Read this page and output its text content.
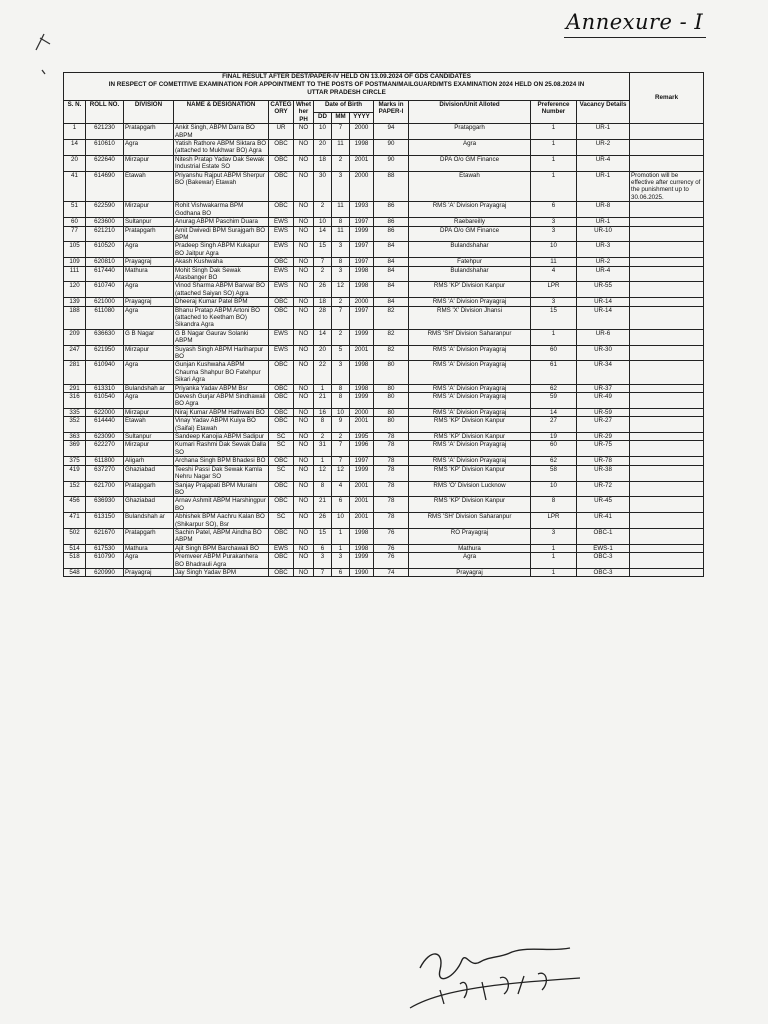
Annexure - I
FINAL RESULT AFTER DEST/PAPER-IV HELD ON 13.09.2024 OF GDS CANDIDATES
IN RESPECT OF COMETITIVE EXAMINATION FOR APPOINTMENT TO THE POSTS OF POSTMAN/MAILGUARD/MTS EXAMINATION 2024 HELD ON 25.08.2024 IN
UTTAR PRADESH CIRCLE													Remark
S. N.	ROLL NO.	DIVISION	NAME & DESIGNATION	CATEG ORY	Whet her PH	Date of Birth			Marks in PAPER-I	Division/Unit Alloted	Preference Number	Vacancy Details	
						DD	MM	YYYY					
1	621230	Pratapgarh	Ankit Singh, ABPM Darra BO ABPM	UR	NO	10	7	2000	94	Pratapgarh	1	UR-1	
14	610610	Agra	Yatish Rathore ABPM Siktara BO (attached to Mukhwar BO) Agra	OBC	NO	20	11	1998	90	Agra	1	UR-2	
20	622640	Mirzapur	Nitesh Pratap Yadav Dak Sewak Industrial Estate SO	OBC	NO	18	2	2001	90	DPA O/o GM Finance	1	UR-4	
41	614690	Etawah	Priyanshu Rajput ABPM Sherpur BO (Bakewar) Etawah	OBC	NO	30	3	2000	88	Etawah	1	UR-1	Promotion will be effective after currency of the punishment up to 30.06.2025.
51	622590	Mirzapur	Rohit Vishwakarma BPM Godhana BO	OBC	NO	2	11	1993	86	RMS 'A' Division Prayagraj	6	UR-8	
60	623600	Sultanpur	Anurag ABPM Paschim Duara	EWS	NO	10	8	1997	86	Raebareilly	3	UR-1	
77	621210	Pratapgarh	Amit Dwivedi BPM Surajgarh BO BPM	EWS	NO	14	11	1999	86	DPA O/o GM Finance	3	UR-10	
105	610520	Agra	Pradeep Singh ABPM Kukapur BO Jaitpur Agra	EWS	NO	15	3	1997	84	Bulandshahar	10	UR-3	
109	620810	Prayagraj	Akash Kushwaha	OBC	NO	7	8	1997	84	Fatehpur	11	UR-2	
111	617440	Mathura	Mohit Singh Dak Sewak Atasbanger BO	EWS	NO	2	3	1998	84	Bulandshahar	4	UR-4	
120	610740	Agra	Vinod Sharma ABPM Barwar BO (attached Saiyan SO) Agra	EWS	NO	26	12	1998	84	RMS 'KP' Division Kanpur	LPR	UR-55	
139	621000	Prayagraj	Dheeraj Kumar Patel BPM	OBC	NO	18	2	2000	84	RMS 'A' Division Prayagraj	3	UR-14	
188	611080	Agra	Bhanu Pratap ABPM Artoni BO (attached to Keetham BO) Sikandra Agra	OBC	NO	28	7	1997	82	RMS 'X' Division Jhansi	15	UR-14	
209	636630	G B Nagar	G B Nagar Gaurav Solanki ABPM	EWS	NO	14	2	1999	82	RMS 'SH' Division Saharanpur	1	UR-6	
247	621950	Mirzapur	Suyash Singh ABPM Hariharpur BO	EWS	NO	20	5	2001	82	RMS 'A' Division Prayagraj	60	UR-30	
281	610940	Agra	Gunjan Kushwaha ABPM Chauma Shahpur BO Fatehpur Sikari Agra	OBC	NO	22	3	1998	80	RMS 'A' Division Prayagraj	61	UR-34	
291	613310	Bulandshah ar	Priyanka Yadav ABPM Bsr	OBC	NO	1	8	1998	80	RMS 'A' Division Prayagraj	62	UR-37	
316	610540	Agra	Devesh Gurjar ABPM Sindhawali BO Agra	OBC	NO	21	8	1999	80	RMS 'A' Division Prayagraj	59	UR-49	
335	622000	Mirzapur	Niraj Kumar ABPM Hathwani BO	OBC	NO	16	10	2000	80	RMS 'A' Division Prayagraj	14	UR-59	
352	614440	Etawah	Vinay Yadav ABPM Kuiya BO (Saifai) Etawah	OBC	NO	8	9	2001	80	RMS 'KP' Division Kanpur	27	UR-27	
363	623090	Sultanpur	Sandeep Kanojia ABPM Sadipur	SC	NO	2	2	1995	78	RMS 'KP' Division Kanpur	19	UR-29	
369	622270	Mirzapur	Kumari Rashmi Dak Sewak Dalla SO	SC	NO	31	7	1996	78	RMS 'A' Division Prayagraj	60	UR-75	
375	611800	Aligarh	Archana Singh BPM Bhadesi BO	OBC	NO	1	7	1997	78	RMS 'A' Division Prayagraj	62	UR-78	
419	637270	Ghaziabad	Teeshi Passi Dak Sewak Kamla Nehru Nagar SO	SC	NO	12	12	1999	78	RMS 'KP' Division Kanpur	58	UR-38	
152	621700	Pratapgarh	Sanjay Prajapati BPM Muraini BO	OBC	NO	8	4	2001	78	RMS 'O' Division Lucknow	10	UR-72	
456	636930	Ghaziabad	Arnav Ashmit ABPM Harshingpur BO	OBC	NO	21	6	2001	78	RMS 'KP' Division Kanpur	8	UR-45	
471	613150	Bulandshah ar	Abhishek BPM Aachru Kalan BO (Shikarpur SO), Bsr	SC	NO	26	10	2001	78	RMS 'SH' Division Saharanpur	LPR	UR-41	
502	621670	Pratapgarh	Sachin Patel, ABPM Aindha BO ABPM	OBC	NO	15	1	1998	76	RO Prayagraj	3	OBC-1	
514	617530	Mathura	Ajit Singh BPM Barchawali BO	EWS	NO	6	1	1998	76	Mathura	1	EWS-1	
518	610790	Agra	Premveer ABPM Purakanhera BO Bhadrauli Agra	OBC	NO	3	3	1999	76	Agra	1	OBC-3	
548	620990	Prayagraj	Jay Singh Yadav BPM	OBC	NO	7	6	1990	74	Prayagraj	1	OBC-3	
